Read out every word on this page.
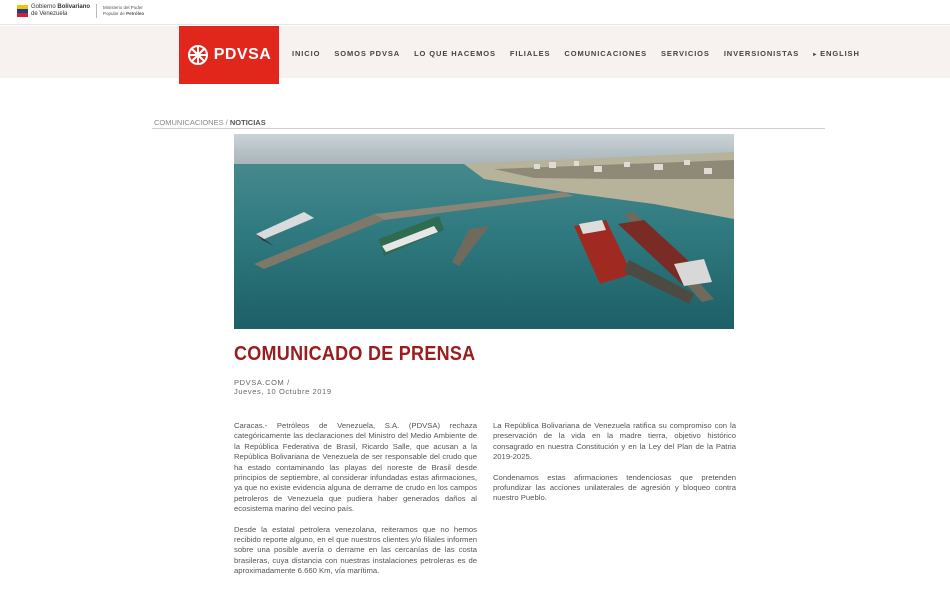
Gobierno Bolivariano
de Venezuela
Ministerio del Poder
Popular de Petróleo
PDVSA	INICIO SOMOS PDVSA LO QUE HACEMOS FILIALES COMUNICACIONES SERVICIOS INVERSIONISTAS ▸ ENGLISH
COMUNICACIONES / NOTICIAS
COMUNICADO DE PRENSA
PDVSA.COM /
Jueves, 10 Octubre 2019

Caracas.- Petróleos de Venezuela, S.A. (PDVSA) rechaza categóricamente las declaraciones del Ministro del Medio Ambiente de la República Federativa de Brasil, Ricardo Salle, que acusan a la República Bolivariana de Venezuela de ser responsable del crudo que ha estado contaminando las playas del noreste de Brasil desde principios de septiembre, al considerar infundadas estas afirmaciones, ya que no existe evidencia alguna de derrame de crudo en los campos petroleros de Venezuela que pudiera haber generados daños al ecosistema marino del vecino país.

Desde la estatal petrolera venezolana, reiteramos que no hemos recibido reporte alguno, en el que nuestros clientes y/o filiales informen sobre una posible avería o derrame en las cercanías de las costa brasileras, cuya distancia con nuestras instalaciones petroleras es de aproximadamente 6.660 Km, vía marítima.

La República Bolivariana de Venezuela ratifica su compromiso con la preservación de la vida en la madre tierra, objetivo histórico consagrado en nuestra Constitución y en la Ley del Plan de la Patria 2019-2025.

Condenamos estas afirmaciones tendenciosas que pretenden profundizar las acciones unilaterales de agresión y bloqueo contra nuestro Pueblo.
